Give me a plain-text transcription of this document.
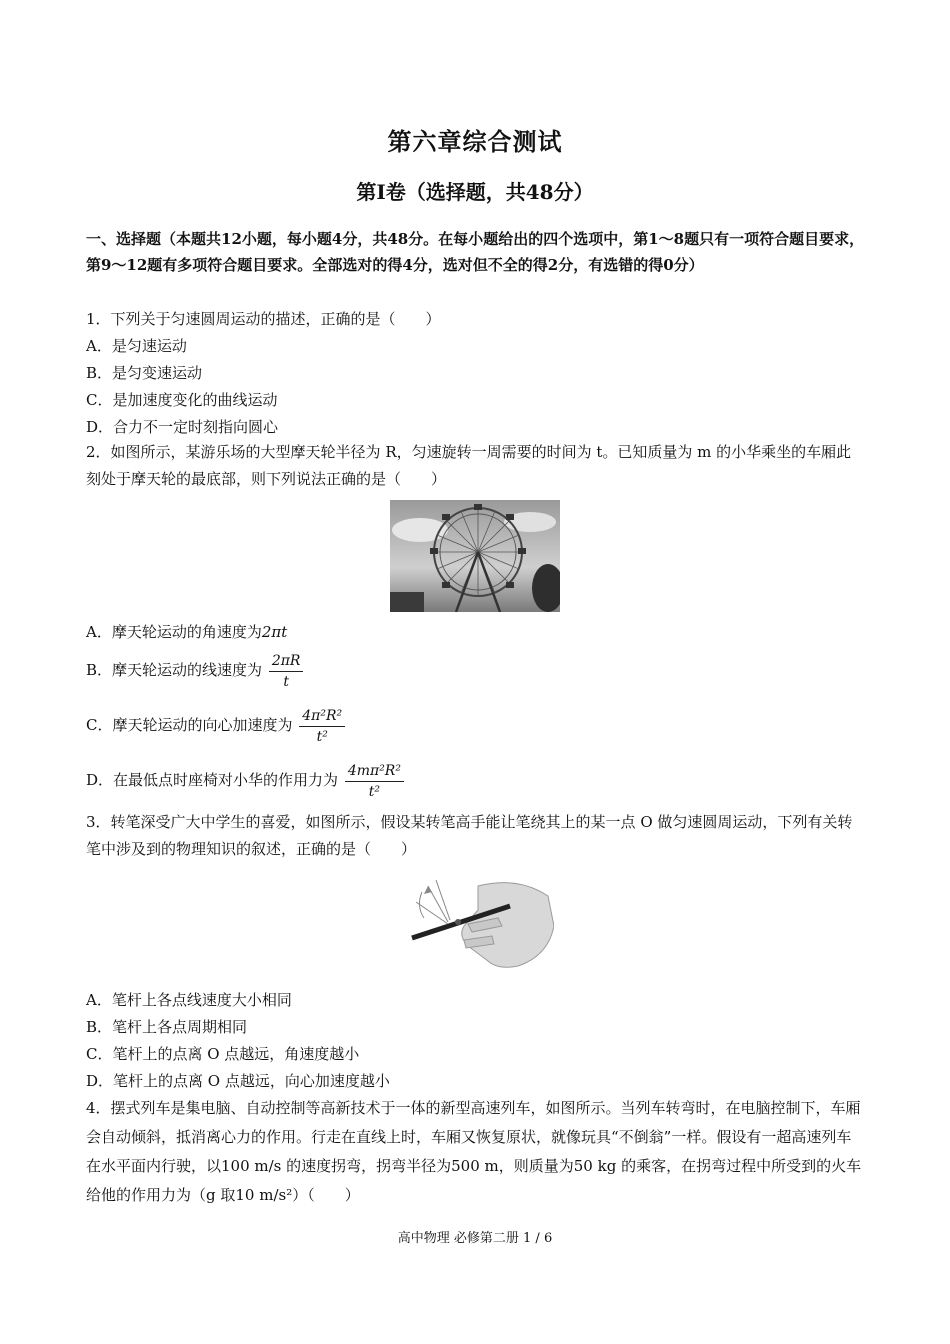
第六章综合测试
第Ⅰ卷（选择题，共48分）
一、选择题（本题共12小题，每小题4分，共48分。在每小题给出的四个选项中，第1～8题只有一项符合题目要求，第9～12题有多项符合题目要求。全部选对的得4分，选对但不全的得2分，有选错的得0分）
1．下列关于匀速圆周运动的描述，正确的是（　　）
A．是匀速运动
B．是匀变速运动
C．是加速度变化的曲线运动
D．合力不一定时刻指向圆心
2．如图所示，某游乐场的大型摩天轮半径为 R，匀速旋转一周需要的时间为 t。已知质量为 m 的小华乘坐的车厢此刻处于摩天轮的最底部，则下列说法正确的是（　　）
A．摩天轮运动的角速度为2πt
B．摩天轮运动的线速度为 $\frac{2\pi R}{t}$
C．摩天轮运动的向心加速度为 $\frac{\text{4π²R²}}{\text{t²}}$
D．在最低点时座椅对小华的作用力为 $\frac{\text{4mπ²R²}}{\text{t²}}$
3．转笔深受广大中学生的喜爱，如图所示，假设某转笔高手能让笔绕其上的某一点 O 做匀速圆周运动，下列有关转笔中涉及到的物理知识的叙述，正确的是（　　）
A．笔杆上各点线速度大小相同
B．笔杆上各点周期相同
C．笔杆上的点离 O 点越远，角速度越小
D．笔杆上的点离 O 点越远，向心加速度越小
4．摆式列车是集电脑、自动控制等高新技术于一体的新型高速列车，如图所示。当列车转弯时，在电脑控制下，车厢会自动倾斜，抵消离心力的作用。行走在直线上时，车厢又恢复原状，就像玩具“不倒翁”一样。假设有一超高速列车在水平面内行驶，以100 m/s 的速度拐弯，拐弯半径为500 m，则质量为50 kg 的乘客，在拐弯过程中所受到的火车给他的作用力为（g 取10 m/s²）（　　）
高中物理 必修第二册 1 / 6
